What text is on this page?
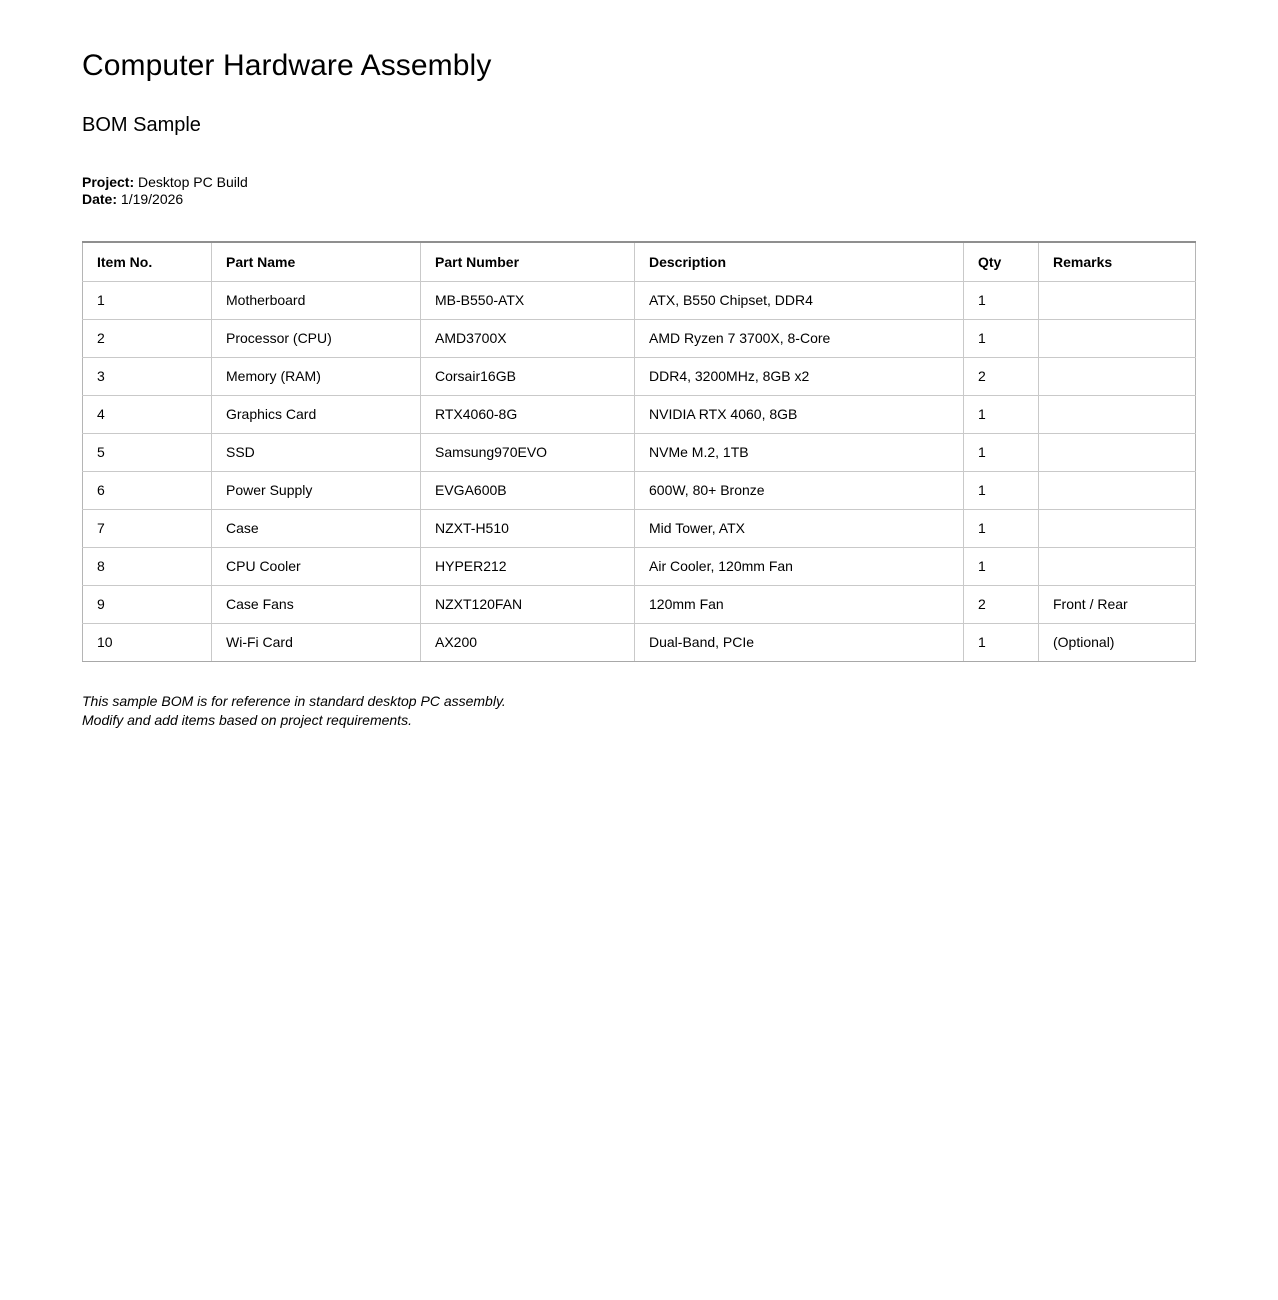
Computer Hardware Assembly
BOM Sample
Project: Desktop PC Build
Date: 1/19/2026
Item No.	Part Name	Part Number	Description	Qty	Remarks
1	Motherboard	MB-B550-ATX	ATX, B550 Chipset, DDR4	1	
2	Processor (CPU)	AMD3700X	AMD Ryzen 7 3700X, 8-Core	1	
3	Memory (RAM)	Corsair16GB	DDR4, 3200MHz, 8GB x2	2	
4	Graphics Card	RTX4060-8G	NVIDIA RTX 4060, 8GB	1	
5	SSD	Samsung970EVO	NVMe M.2, 1TB	1	
6	Power Supply	EVGA600B	600W, 80+ Bronze	1	
7	Case	NZXT-H510	Mid Tower, ATX	1	
8	CPU Cooler	HYPER212	Air Cooler, 120mm Fan	1	
9	Case Fans	NZXT120FAN	120mm Fan	2	Front / Rear
10	Wi-Fi Card	AX200	Dual-Band, PCIe	1	(Optional)
This sample BOM is for reference in standard desktop PC assembly.
Modify and add items based on project requirements.
